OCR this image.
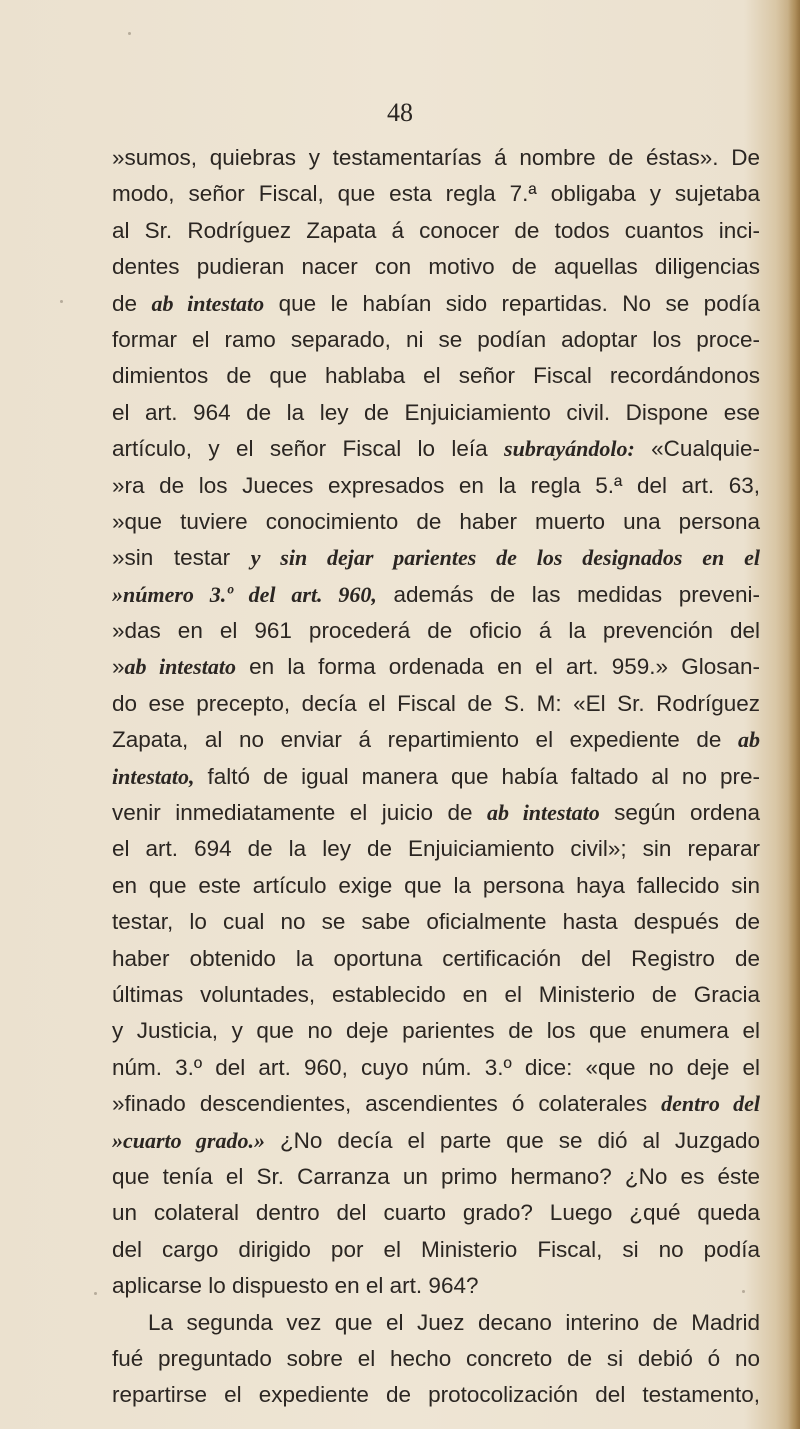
48
»sumos, quiebras y testamentarías á nombre de éstas». De
modo, señor Fiscal, que esta regla 7.ª obligaba y sujetaba
al Sr. Rodríguez Zapata á conocer de todos cuantos inci-
dentes pudieran nacer con motivo de aquellas diligencias
de ab intestato que le habían sido repartidas. No se podía
formar el ramo separado, ni se podían adoptar los proce-
dimientos de que hablaba el señor Fiscal recordándonos
el art. 964 de la ley de Enjuiciamiento civil. Dispone ese
artículo, y el señor Fiscal lo leía subrayándolo: «Cualquie-
»ra de los Jueces expresados en la regla 5.ª del art. 63,
»que tuviere conocimiento de haber muerto una persona
»sin testar y sin dejar parientes de los designados en el
»número 3.º del art. 960, además de las medidas preveni-
»das en el 961 procederá de oficio á la prevención del
»ab intestato en la forma ordenada en el art. 959.» Glosan-
do ese precepto, decía el Fiscal de S. M: «El Sr. Rodríguez
Zapata, al no enviar á repartimiento el expediente de ab
intestato, faltó de igual manera que había faltado al no pre-
venir inmediatamente el juicio de ab intestato según ordena
el art. 694 de la ley de Enjuiciamiento civil»; sin reparar
en que este artículo exige que la persona haya fallecido sin
testar, lo cual no se sabe oficialmente hasta después de
haber obtenido la oportuna certificación del Registro de
últimas voluntades, establecido en el Ministerio de Gracia
y Justicia, y que no deje parientes de los que enumera el
núm. 3.º del art. 960, cuyo núm. 3.º dice: «que no deje el
»finado descendientes, ascendientes ó colaterales dentro del
»cuarto grado.» ¿No decía el parte que se dió al Juzgado
que tenía el Sr. Carranza un primo hermano? ¿No es éste
un colateral dentro del cuarto grado? Luego ¿qué queda
del cargo dirigido por el Ministerio Fiscal, si no podía
aplicarse lo dispuesto en el art. 964?
La segunda vez que el Juez decano interino de Madrid
fué preguntado sobre el hecho concreto de si debió ó no
repartirse el expediente de protocolización del testamento,
